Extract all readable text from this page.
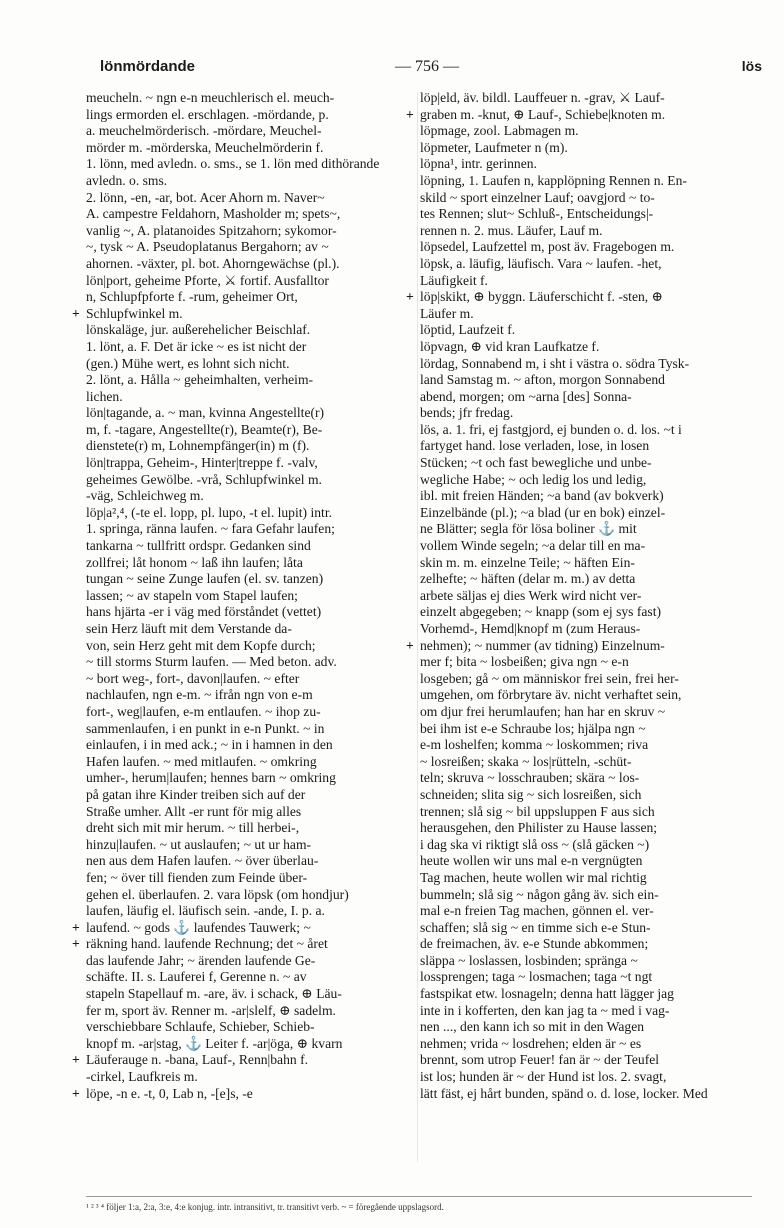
lönmördande	— 756 —	lös
meucheln. ~ ngn e-n meuchlerisch el. meuch-
lings ermorden el. erschlagen. -mördande, p.
a. meuchelmörderisch. -mördare, Meuchel-
mörder m. -mörderska, Meuchelmörderin f.
1. lönn, med avledn. o. sms., se 1. lön med dithörande
avledn. o. sms.
2. lönn, -en, -ar, bot. Acer Ahorn m. Naver~
A. campestre Feldahorn, Masholder m; spets~,
vanlig ~, A. platanoides Spitzahorn; sykomor-
~, tysk ~ A. Pseudoplatanus Bergahorn; av ~
ahornen. -växter, pl. bot. Ahorngewächse (pl.).
lön|port, geheime Pforte, ⚔ fortif. Ausfalltor
n, Schlupfpforte f. -rum, geheimer Ort,
+ Schlupfwinkel m.
lönskaläge, jur. außerehelicher Beischlaf.
1. lönt, a. F. Det är icke ~ es ist nicht der
(gen.) Mühe wert, es lohnt sich nicht.
2. lönt, a. Hålla ~ geheimhalten, verheim-
lichen.
lön|tagande, a. ~ man, kvinna Angestellte(r)
m, f. -tagare, Angestellte(r), Beamte(r), Be-
dienstete(r) m, Lohnempfänger(in) m (f).
lön|trappa, Geheim-, Hinter|treppe f. -valv,
geheimes Gewölbe. -vrå, Schlupfwinkel m.
-väg, Schleichweg m.
löp|a²,⁴, (-te el. lopp, pl. lupo, -t el. lupit) intr.
1. springa, ränna laufen. ~ fara Gefahr laufen;
tankarna ~ tullfritt ordspr. Gedanken sind
zollfrei; låt honom ~ laß ihn laufen; låta
tungan ~ seine Zunge laufen (el. sv. tanzen)
lassen; ~ av stapeln vom Stapel laufen;
hans hjärta -er i väg med förståndet (vettet)
sein Herz läuft mit dem Verstande da-
von, sein Herz geht mit dem Kopfe durch;
~ till storms Sturm laufen. — Med beton. adv.
~ bort weg-, fort-, davon|laufen. ~ efter
nachlaufen, ngn e-m. ~ ifrån ngn von e-m
fort-, weg|laufen, e-m entlaufen. ~ ihop zu-
sammenlaufen, i en punkt in e-n Punkt. ~ in
einlaufen, i in med ack.; ~ in i hamnen in den
Hafen laufen. ~ med mitlaufen. ~ omkring
umher-, herum|laufen; hennes barn ~ omkring
på gatan ihre Kinder treiben sich auf der
Straße umher. Allt -er runt för mig alles
dreht sich mit mir herum. ~ till herbei-,
hinzu|laufen. ~ ut auslaufen; ~ ut ur ham-
nen aus dem Hafen laufen. ~ över überlau-
fen; ~ över till fienden zum Feinde über-
gehen el. überlaufen. 2. vara löpsk (om hondjur)
laufen, läufig el. läufisch sein. -ande, I. p. a.
+ laufend. ~ gods ⚓ laufendes Tauwerk; ~
+ räkning hand. laufende Rechnung; det ~ året
das laufende Jahr; ~ ärenden laufende Ge-
schäfte. II. s. Lauferei f, Gerenne n. ~ av
stapeln Stapellauf m. -are, äv. i schack, ⊕ Läu-
fer m, sport äv. Renner m. -ar|slelf, ⊕ sadelm.
verschiebbare Schlaufe, Schieber, Schieb-
knopf m. -ar|stag, ⚓ Leiter f. -ar|ögа, ⊕ kvarn
+ Läuferauge n. -bana, Lauf-, Renn|bahn f.
-cirkel, Laufkreis m.
+ löpe, -n e. -t, 0, Lab n, -[e]s, -e
löp|eld, äv. bildl. Lauffeuer n. -grav, ⚔ Lauf-
+ graben m. -knut, ⊕ Lauf-, Schiebe|knoten m.
löpmage, zool. Labmagen m.
löpmeter, Laufmeter n (m).
löpna¹, intr. gerinnen.
löpning, 1. Laufen n, kapplöpning Rennen n. En-
skild ~ sport einzelner Lauf; oavgjord ~ to-
tes Rennen; slut~ Schluß-, Entscheidungs|-
rennen n. 2. mus. Läufer, Lauf m.
löpsedel, Laufzettel m, post äv. Fragebogen m.
löpsk, a. läufig, läufisch. Vara ~ laufen. -het,
Läufigkeit f.
+ löp|skikt, ⊕ byggn. Läuferschicht f. -sten, ⊕
Läufer m.
löptid, Laufzeit f.
löpvagn, ⊕ vid kran Laufkatze f.
lördag, Sonnabend m, i sht i västra o. södra Tysk-
land Samstag m. ~ afton, morgon Sonnabend
abend, morgen; om ~arna [des] Sonna-
bends; jfr fredag.
lös, a. 1. fri, ej fastgjord, ej bunden o. d. los. ~t i
fartyget hand. lose verladen, lose, in losen
Stücken; ~t och fast bewegliche und unbe-
wegliche Habe; ~ och ledig los und ledig,
ibl. mit freien Händen; ~a band (av bokverk)
Einzelbände (pl.); ~a blad (ur en bok) einzel-
ne Blätter; segla för lösa boliner ⚓ mit
vollem Winde segeln; ~a delar till en ma-
skin m. m. einzelne Teile; ~ häften Ein-
zelhefte; ~ häften (delar m. m.) av detta
arbete säljas ej dies Werk wird nicht ver-
einzelt abgegeben; ~ knapp (som ej sys fast)
Vorhemd-, Hemd|knopf m (zum Heraus-
+ nehmen); ~ nummer (av tidning) Einzelnum-
mer f; bita ~ losbeißen; giva ngn ~ e-n
losgeben; gå ~ om människor frei sein, frei her-
umgehen, om förbrytare äv. nicht verhaftet sein,
om djur frei herumlaufen; han har en skruv ~
bei ihm ist e-e Schraube los; hjälpa ngn ~
e-m loshelfen; komma ~ loskommen; riva
~ losreißen; skaka ~ los|rütteln, -schüt-
teln; skruva ~ losschrauben; skära ~ los-
schneiden; slita sig ~ sich losreißen, sich
trennen; slå sig ~ bil uppsluppen F aus sich
herausgehen, den Philister zu Hause lassen;
i dag ska vi riktigt slå oss ~ (slå gäcken ~)
heute wollen wir uns mal e-n vergnügten
Tag machen, heute wollen wir mal richtig
bummeln; slå sig ~ någon gång äv. sich ein-
mal e-n freien Tag machen, gönnen el. ver-
schaffen; slå sig ~ en timme sich e-e Stun-
de freimachen, äv. e-e Stunde abkommen;
släppa ~ loslassen, losbinden; spränga ~
lossprengen; taga ~ losmachen; taga ~t ngt
fastspikat etw. losnageln; denna hatt lägger jag
inte in i kofferten, den kan jag ta ~ med i vag-
nen ..., den kann ich so mit in den Wagen
nehmen; vrida ~ losdrehen; elden är ~ es
brennt, som utrop Feuer! fan är ~ der Teufel
ist los; hunden är ~ der Hund ist los. 2. svagt,
lätt fäst, ej hårt bunden, spänd o. d. lose, locker. Med
¹ ² ³ ⁴ följer 1:a, 2:a, 3:e, 4:e konjug. intr. intransitivt, tr. transitivt verb. ~ = föregående uppslagsord.
